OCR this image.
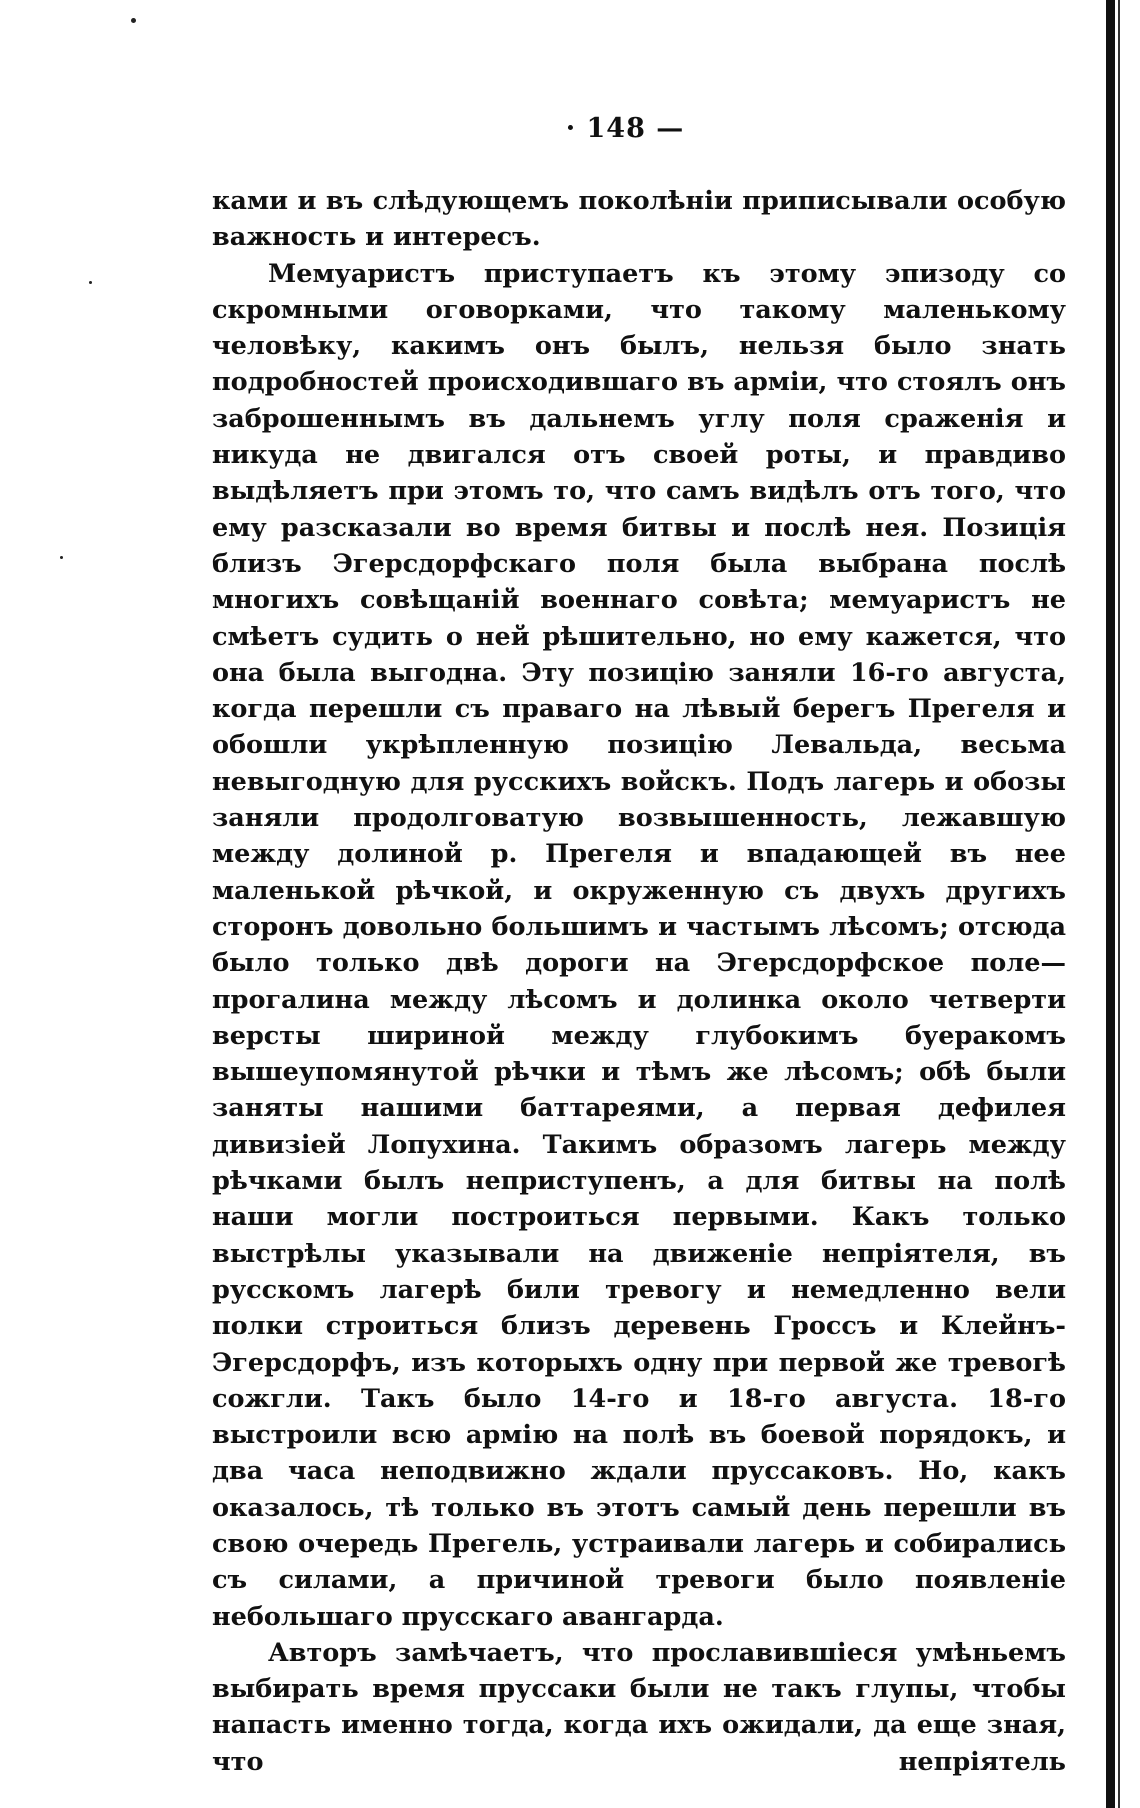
· 148 —

ками и въ слѣдующемъ поколѣніи приписывали особую важность и интересъ.

Мемуаристъ приступаетъ къ этому эпизоду со скромными оговорками, что такому маленькому человѣку, какимъ онъ былъ, нельзя было знать подробностей происходившаго въ арміи, что стоялъ онъ заброшеннымъ въ дальнемъ углу поля сраженія и никуда не двигался отъ своей роты, и правдиво выдѣляетъ при этомъ то, что самъ видѣлъ отъ того, что ему разсказали во время битвы и послѣ нея. Позиція близъ Эгерсдорфскаго поля была выбрана послѣ многихъ совѣщаній военнаго совѣта; мемуаристъ не смѣетъ судить о ней рѣшительно, но ему кажется, что она была выгодна. Эту позицію заняли 16-го августа, когда перешли съ праваго на лѣвый берегъ Прегеля и обошли укрѣпленную позицію Левальда, весьма невыгодную для русскихъ войскъ. Подъ лагерь и обозы заняли продолговатую возвышенность, лежавшую между долиной р. Прегеля и впадающей въ нее маленькой рѣчкой, и окруженную съ двухъ другихъ сторонъ довольно большимъ и частымъ лѣсомъ; отсюда было только двѣ дороги на Эгерсдорфское поле—прогалина между лѣсомъ и долинка около четверти версты шириной между глубокимъ буеракомъ вышеупомянутой рѣчки и тѣмъ же лѣсомъ; обѣ были заняты нашими баттареями, а первая дефилея дивизіей Лопухина. Такимъ образомъ лагерь между рѣчками былъ неприступенъ, а для битвы на полѣ наши могли построиться первыми. Какъ только выстрѣлы указывали на движеніе непріятеля, въ русскомъ лагерѣ били тревогу и немедленно вели полки строиться близъ деревень Гроссъ и Клейнъ-Эгерсдорфъ, изъ которыхъ одну при первой же тревогѣ сожгли. Такъ было 14-го и 18-го августа. 18-го выстроили всю армію на полѣ въ боевой порядокъ, и два часа неподвижно ждали пруссаковъ. Но, какъ оказалось, тѣ только въ этотъ самый день перешли въ свою очередь Прегель, устраивали лагерь и собирались съ силами, а причиной тревоги было появленіе небольшаго прусскаго авангарда.

Авторъ замѣчаетъ, что прославившіеся умѣньемъ выбирать время пруссаки были не такъ глупы, чтобы напасть именно тогда, когда ихъ ожидали, да еще зная, что непріятель
